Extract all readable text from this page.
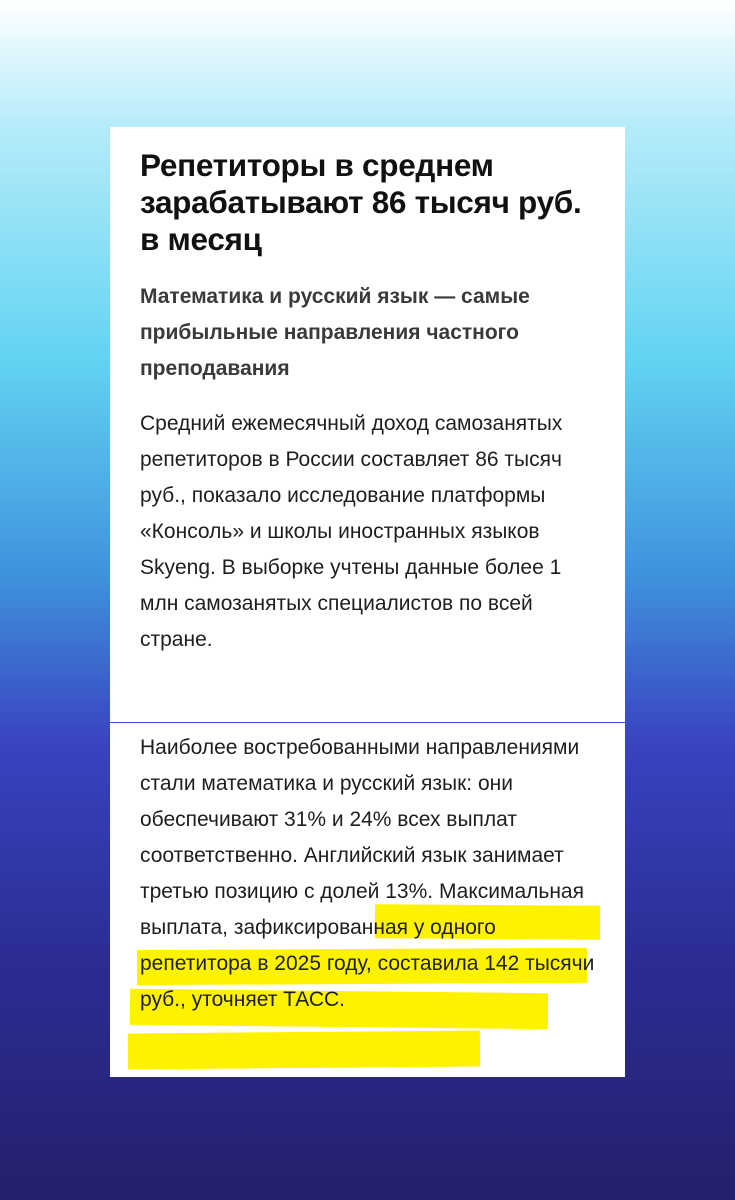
Репетиторы в среднем зарабатывают 86 тысяч руб. в месяц

Математика и русский язык — самые прибыльные направления частного преподавания

Средний ежемесячный доход самозанятых репетиторов в России составляет 86 тысяч руб., показало исследование платформы «Консоль» и школы иностранных языков Skyeng. В выборке учтены данные более 1 млн самозанятых специалистов по всей стране.

Наиболее востребованными направлениями стали математика и русский язык: они обеспечивают 31% и 24% всех выплат соответственно. Английский язык занимает третью позицию с долей 13%. Максимальная выплата, зафиксированная у одного репетитора в 2025 году, составила 142 тысячи руб., уточняет ТАСС.
